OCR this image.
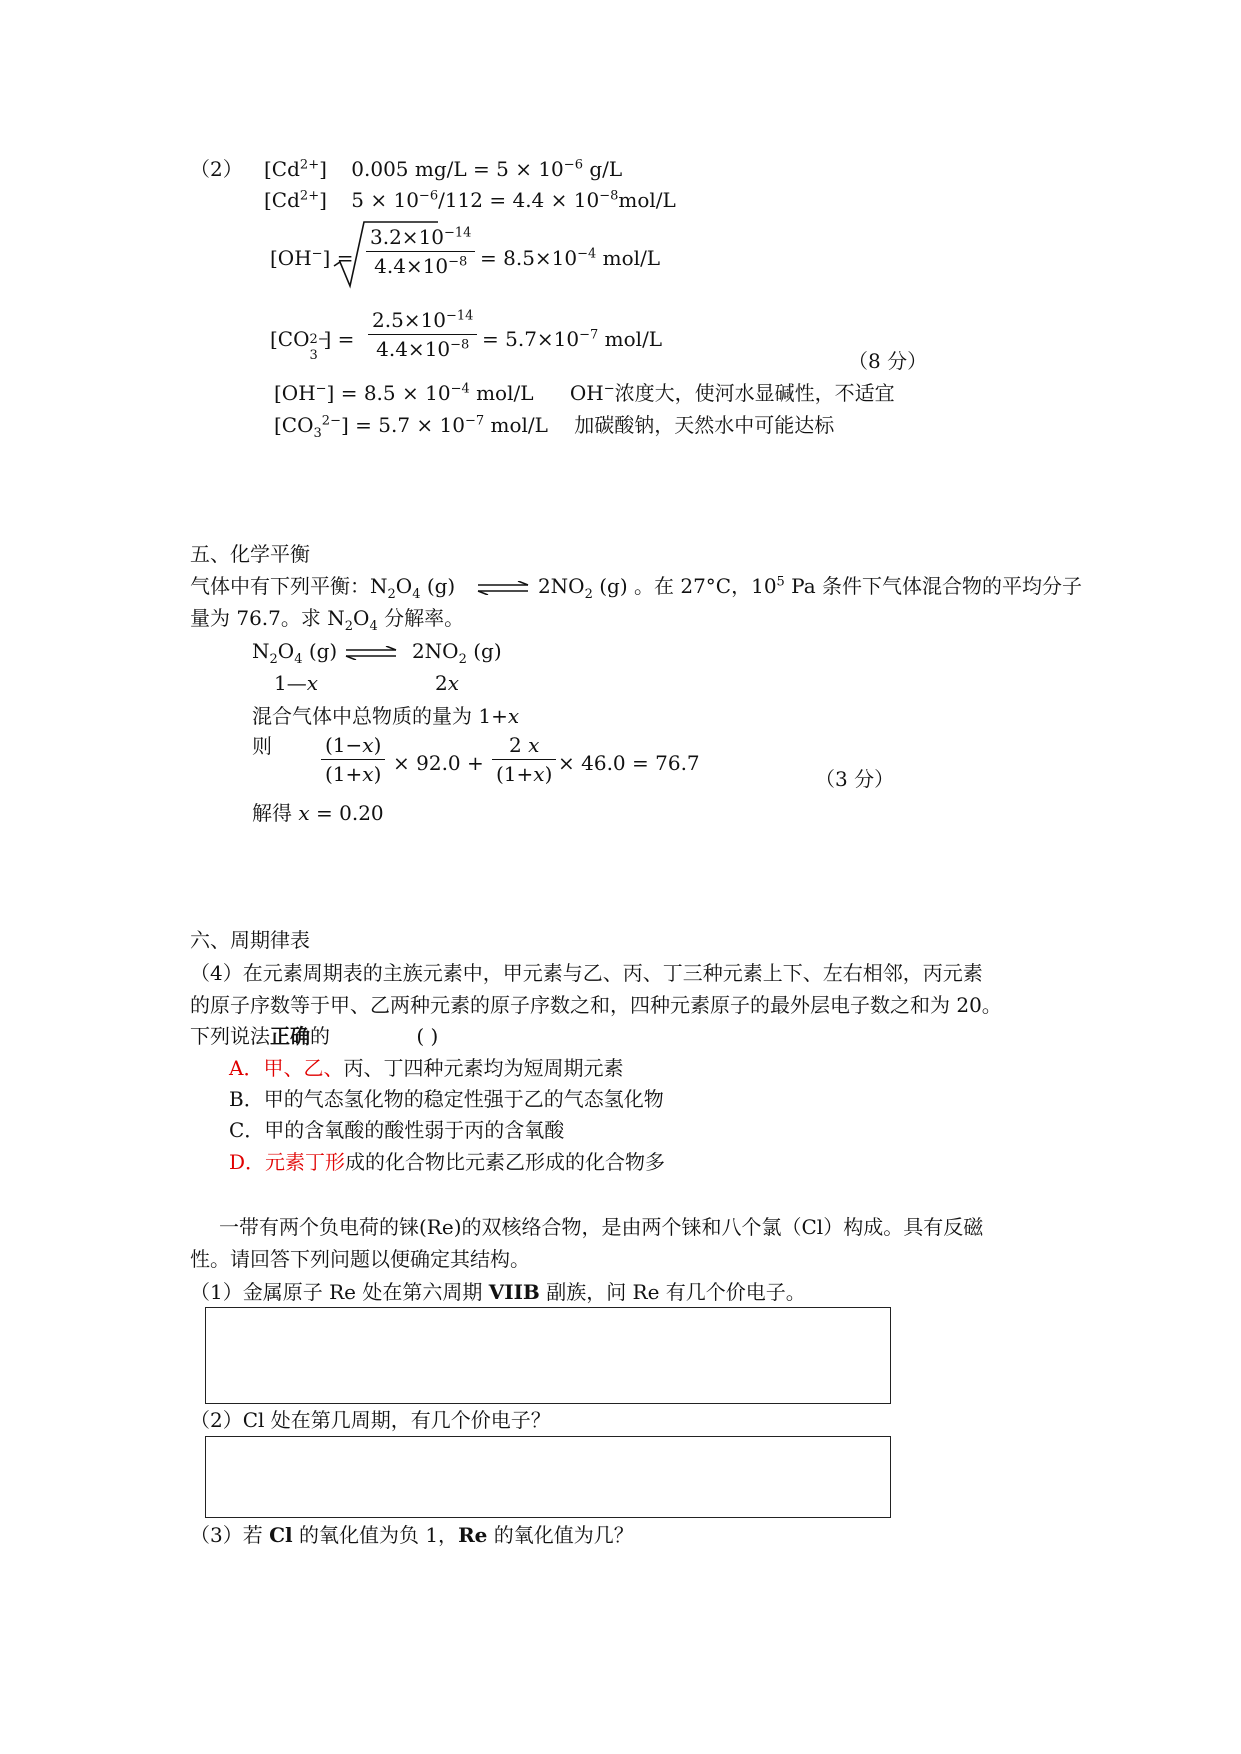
（2） $[Cd^{2+}]$ 0.005 $mg/L = 5 \times 10^{-6}$ g/L
$[Cd^{2+}] 5 \times 10^{-6}/112 = 4.4 \times 10^{-8}mol/L$
[OH−] =
$3.2\times 10^{-14}$
$4.4\times 10^{-8} = 8.5\times 10^{-4}$ mol/L
[CO
3
2−
] =
$2.5\times 10^{-14}$
$4.4\times 10^{-8} = 5.7\times 10^{-7}$ mol/L
（8 分）
$[OH^-] = 8.5 \times 10^{-4}$ mol/L OH−浓度大，使河水显碱性，不适宜
$[CO_3^{2-}] = 5.7 \times 10^{-7}$ mol/L 加碳酸钠，天然水中可能达标
五、化学平衡
气体中有下列平衡：$N_2O_4$ (g)	$2NO_2$ (g) 。在 27°C，$10^5$ Pa 条件下气体混合物的平均分子
量为 76.7。求 $N_2O_4$ 分解率。
$N_2O_4$ (g)	$2NO_2$ (g)
1—x	2x
混合气体中总物质的量为 1+x
则	(1−x)
(1+x) × 92.0 +
2 x
(1+x) × 46.0 = 76.7
（3 分）
解得 x = 0.20
六、周期律表
（4）在元素周期表的主族元素中，甲元素与乙、丙、丁三种元素上下、左右相邻，丙元素
的原子序数等于甲、乙两种元素的原子序数之和，四种元素原子的最外层电子数之和为 20。
下列说法正确的	( )
A．甲、乙、丙、丁四种元素均为短周期元素
B．甲的气态氢化物的稳定性强于乙的气态氢化物
C．甲的含氧酸的酸性弱于丙的含氧酸
D．元素丁形成的化合物比元素乙形成的化合物多
一带有两个负电荷的铼(Re)的双核络合物，是由两个铼和八个氯（Cl）构成。具有反磁
性。请回答下列问题以便确定其结构。
（1）金属原子 Re 处在第六周期 VIIB 副族，问 Re 有几个价电子。
（2）Cl 处在第几周期，有几个价电子？
（3）若 Cl 的氧化值为负 1，Re 的氧化值为几？
